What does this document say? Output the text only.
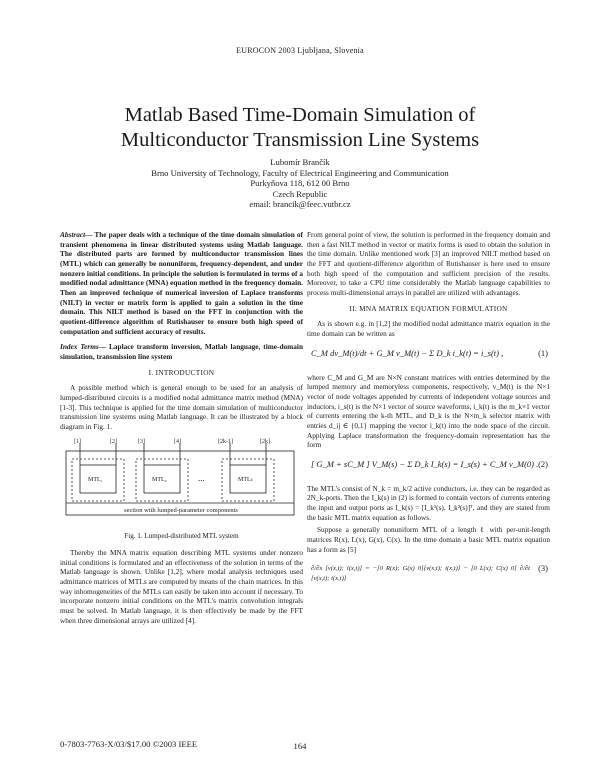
EUROCON 2003 Ljubljana, Slovenia
Matlab Based Time-Domain Simulation of
Multiconductor Transmission Line Systems
Lubomír Brančík
Brno University of Technology, Faculty of Electrical Engineering and Communication
Purkyňova 118, 612 00 Brno
Czech Republic
email: brancik@feec.vutbr.cz

Abstract— The paper deals with a technique of the time domain simulation of transient phenomena in linear distributed systems using Matlab language. The distributed parts are formed by multiconductor transmission lines (MTL) which can generally be nonuniform, frequency-dependent, and under nonzero initial conditions. In principle the solution is formulated in terms of a modified nodal admittance (MNA) equation method in the frequency domain. Then an improved technique of numerical inversion of Laplace transforms (NILT) in vector or matrix form is applied to gain a solution in the time domain. This NILT method is based on the FFT in conjunction with the quotient-difference algorithm of Rutishauser to ensure both high speed of computation and sufficient accuracy of results.

Index Terms— Laplace transform inversion, Matlab language, time-domain simulation, transmission line system

I. INTRODUCTION

A possible method which is general enough to be used for an analysis of lumped-distributed circuits is a modified nodal admittance matrix method (MNA) [1-3]. This technique is applied for the time domain simulation of multiconductor transmission line systems using Matlab language. It can be illustrated by a block diagram in Fig. 1.

[1]	[2]	[3]	[4]	[2k-1]	[2k]
MTL₁	MTL₂	MTLₖ
...
section with lumped-parameter components
Fig. 1. Lumped-distributed MTL system

Thereby the MNA matrix equation describing MTL systems under nonzero initial conditions is formulated and an effectiveness of the solution in terms of the Matlab language is shown. Unlike [1,2], where modal analysis techniques used admittance matrices of MTLs are computed by means of the chain matrices. In this way inhomogeneities of the MTLs can easily be taken into account if necessary. To incorporate nonzero initial conditions on the MTL's matrix convolution integrals must be solved. In Matlab language, it is then effectively be made by the FFT when three dimensional arrays are utilized [4].

From general point of view, the solution is performed in the frequency domain and then a fast NILT method in vector or matrix forms is used to obtain the solution in the time domain. Unlike mentioned work [3] an improved NILT method based on the FFT and quotient-difference algorithm of Rutishauser is here used to ensure both high speed of the computation and sufficient precision of the results. Moreover, to take a CPU time considerably the Matlab language capabilities to process multi-dimensional arrays in parallel are utilized with advantages.

II. MNA MATRIX EQUATION FORMULATION

As is shown e.g. in [1,2] the modified nodal admittance matrix equation in the time domain can be written as

C_M dv_M(t)/dt + G_M v_M(t) − Σ D_k i_k(t) = i_s(t) ,	(1)

where C_M and G_M are N×N constant matrices with entries determined by the lumped memory and memoryless components, respectively, v_M(t) is the N×1 vector of node voltages appended by currents of independent voltage sources and inductors, i_s(t) is the N×1 vector of source waveforms, i_k(t) is the m_k×1 vector of currents entering the k-th MTL, and D_k is the N×m_k selector matrix with entries d_ij ∈ {0,1} mapping the vector i_k(t) into the node space of the circuit. Applying Laplace transformation the frequency-domain representation has the form

[ G_M + sC_M ] V_M(s) − Σ D_k I_k(s) = I_s(s) + C_M v_M(0) . (2)

The MTL's consist of N_k = m_k/2 active conductors, i.e. they can be regarded as 2N_k-ports. Then the I_k(s) in (2) is formed to contain vectors of currents entering the input and output ports as I_k(s) = [I_k¹(s), I_k²(s)]ᵀ, and they are stated from the basic MTL matrix equation as follows.

Suppose a generally nonuniform MTL of a length ℓ with per-unit-length matrices R(x), L(x), G(x), C(x). In the time domain a basic MTL matrix equation has a form as [5]

∂/∂x [v(x,t); i(x,t)] = −[0 R(x); G(x) 0][v(x,t); i(x,t)] − [0 L(x); C(x) 0] ∂/∂t [v(x,t); i(x,t)]
(3)
0-7803-7763-X/03/$17.00 ©2003 IEEE	164
